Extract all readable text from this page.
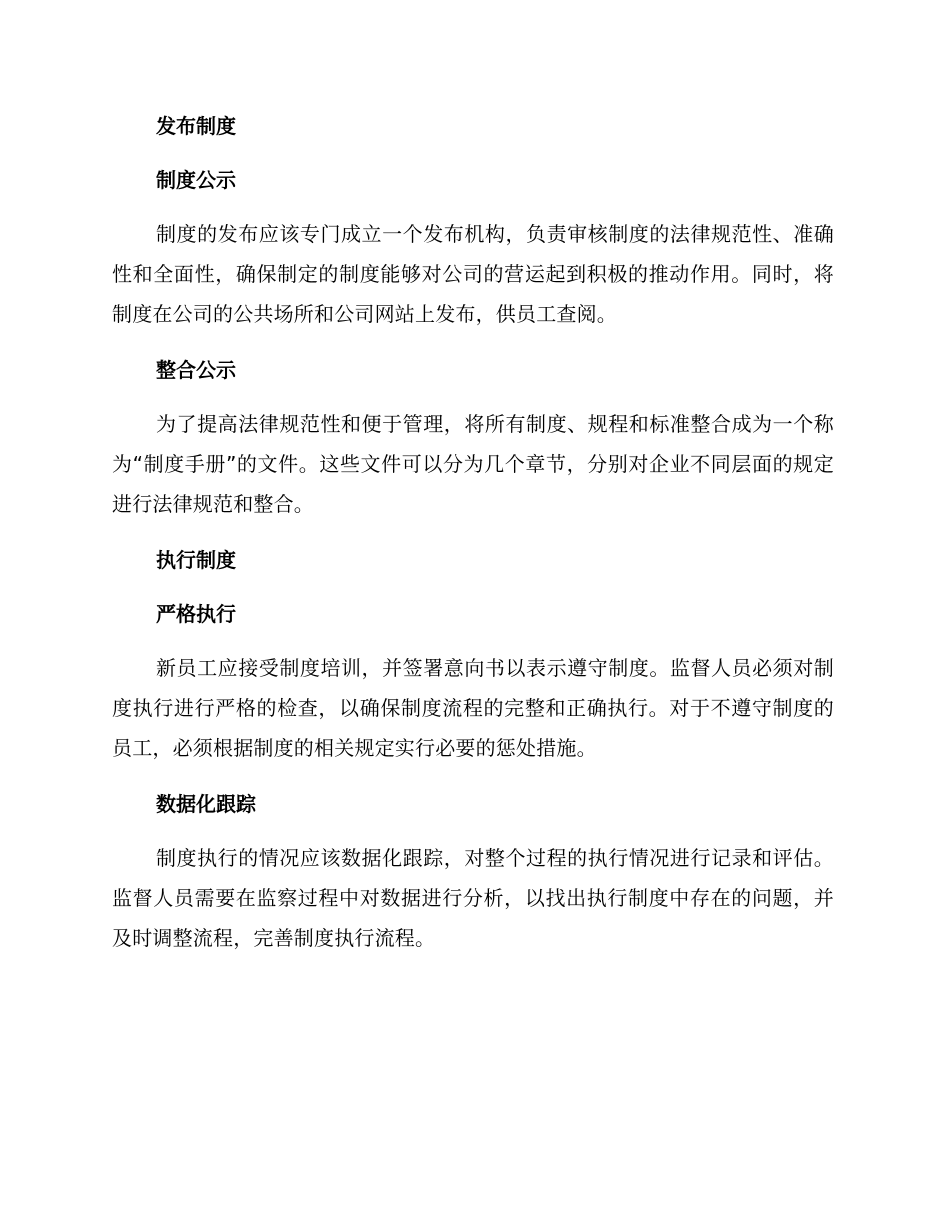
发布制度
制度公示

制度的发布应该专门成立一个发布机构，负责审核制度的法律规范性、准确性和全面性，确保制定的制度能够对公司的营运起到积极的推动作用。同时，将制度在公司的公共场所和公司网站上发布，供员工查阅。

整合公示

为了提高法律规范性和便于管理，将所有制度、规程和标准整合成为一个称为“制度手册”的文件。这些文件可以分为几个章节，分别对企业不同层面的规定进行法律规范和整合。

执行制度
严格执行

新员工应接受制度培训，并签署意向书以表示遵守制度。监督人员必须对制度执行进行严格的检查，以确保制度流程的完整和正确执行。对于不遵守制度的员工，必须根据制度的相关规定实行必要的惩处措施。

数据化跟踪

制度执行的情况应该数据化跟踪，对整个过程的执行情况进行记录和评估。监督人员需要在监察过程中对数据进行分析，以找出执行制度中存在的问题，并及时调整流程，完善制度执行流程。
